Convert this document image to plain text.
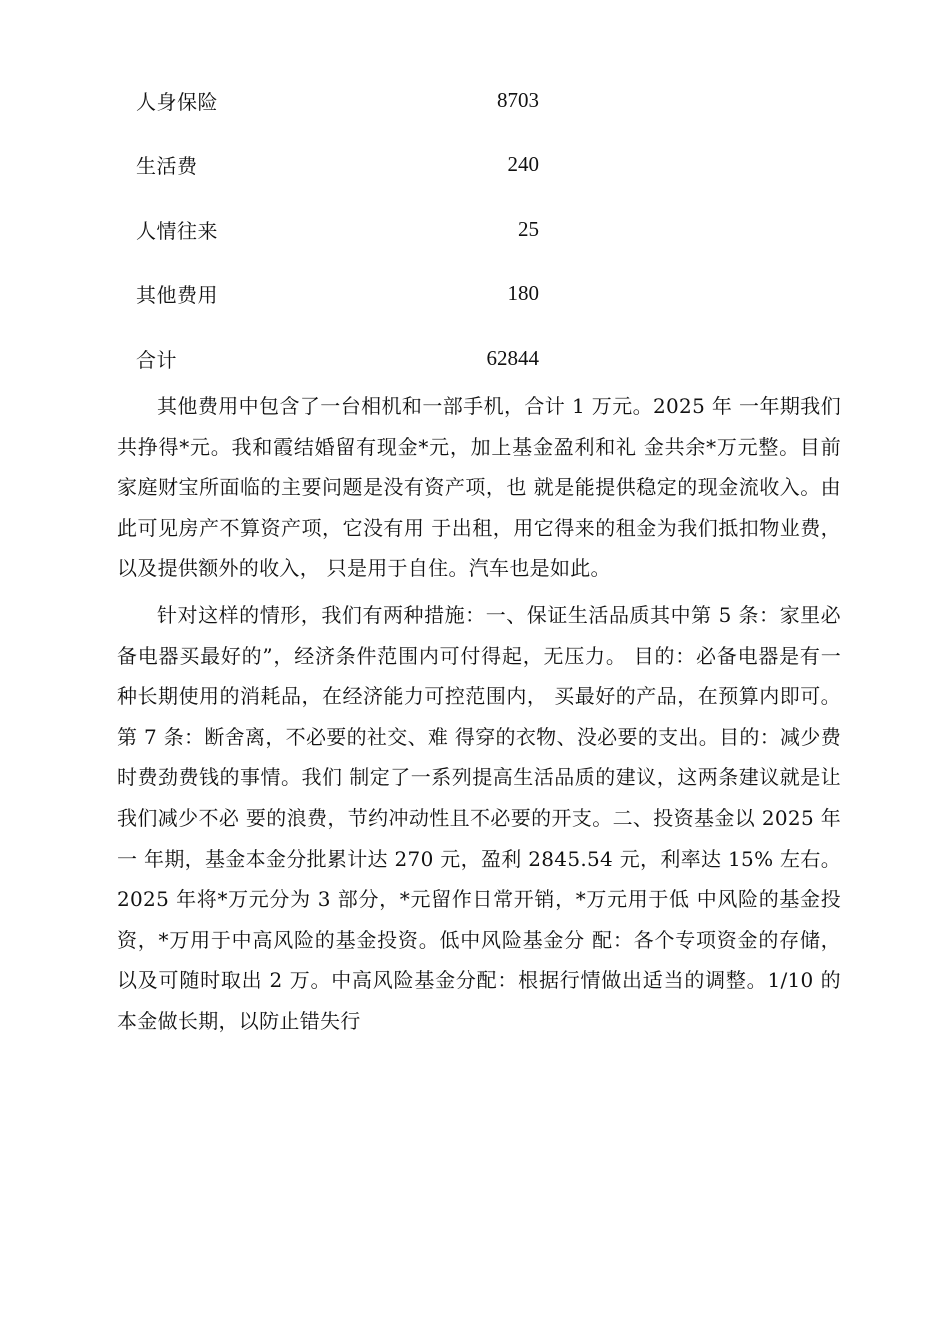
人身保险	8703
生活费	240
人情往来	25
其他费用	180
合计	62844

其他费用中包含了一台相机和一部手机，合计 1 万元。2025 年 一年期我们共挣得*元。我和霞结婚留有现金*元，加上基金盈利和礼 金共余*万元整。目前家庭财宝所面临的主要问题是没有资产项，也 就是能提供稳定的现金流收入。由此可见房产不算资产项，它没有用 于出租，用它得来的租金为我们抵扣物业费，以及提供额外的收入， 只是用于自住。汽车也是如此。

针对这样的情形，我们有两种措施：一、保证生活品质其中第 5 条：家里必备电器买最好的”，经济条件范围内可付得起，无压力。 目的：必备电器是有一种长期使用的消耗品，在经济能力可控范围内， 买最好的产品，在预算内即可。第 7 条：断舍离，不必要的社交、难 得穿的衣物、没必要的支出。目的：减少费时费劲费钱的事情。我们 制定了一系列提高生活品质的建议，这两条建议就是让我们减少不必 要的浪费，节约冲动性且不必要的开支。二、投资基金以 2025 年一 年期，基金本金分批累计达 270 元，盈利 2845.54 元，利率达 15% 左右。2025 年将*万元分为 3 部分，*元留作日常开销，*万元用于低 中风险的基金投资，*万用于中高风险的基金投资。低中风险基金分 配：各个专项资金的存储，以及可随时取出 2 万。中高风险基金分配：根据行情做出适当的调整。1/10 的本金做长期，以防止错失行
